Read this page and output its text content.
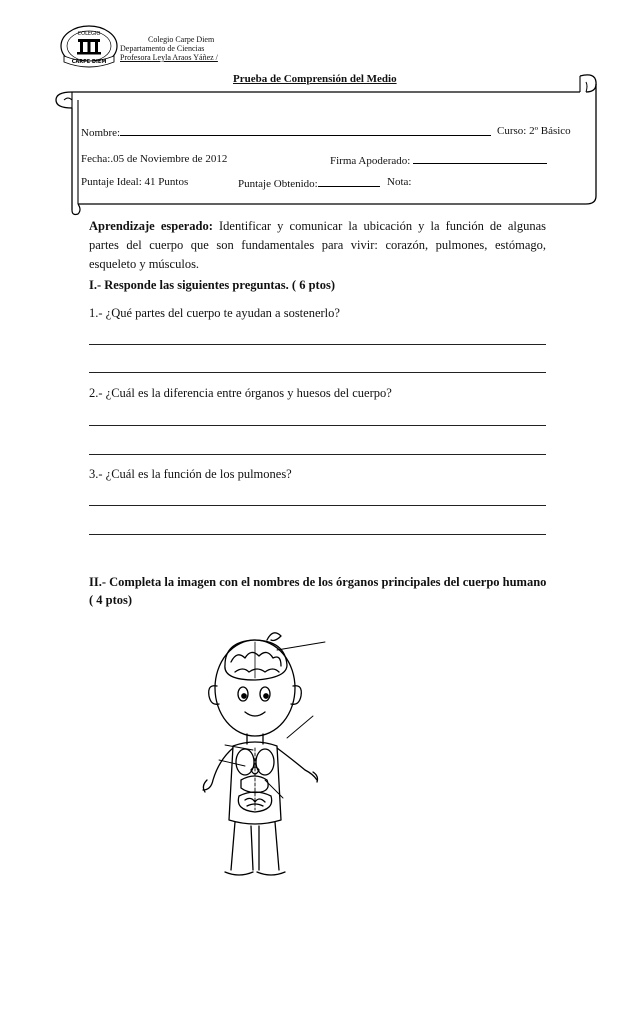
COLEGIO
CARPE DIEM
Colegio Carpe Diem
Departamento de Ciencias
Profesora Leyla Araos Yáñez /
Prueba de Comprensión del Medio
Nombre:	Curso: 2º Básico
Fecha:.05 de Noviembre de 2012	Firma Apoderado:
Puntaje Ideal: 41 Puntos	Puntaje Obtenido:	Nota:
Aprendizaje esperado: Identificar y comunicar la ubicación y la función de algunas partes del cuerpo que son fundamentales para vivir: corazón, pulmones, estómago, esqueleto y músculos.
I.- Responde las siguientes preguntas. ( 6 ptos)
1.- ¿Qué partes del cuerpo te ayudan a sostenerlo?
2.- ¿Cuál es la diferencia entre órganos y huesos del cuerpo?
3.- ¿Cuál es la función de los pulmones?
II.- Completa la imagen con el nombres de los órganos principales del cuerpo humano
( 4 ptos)
